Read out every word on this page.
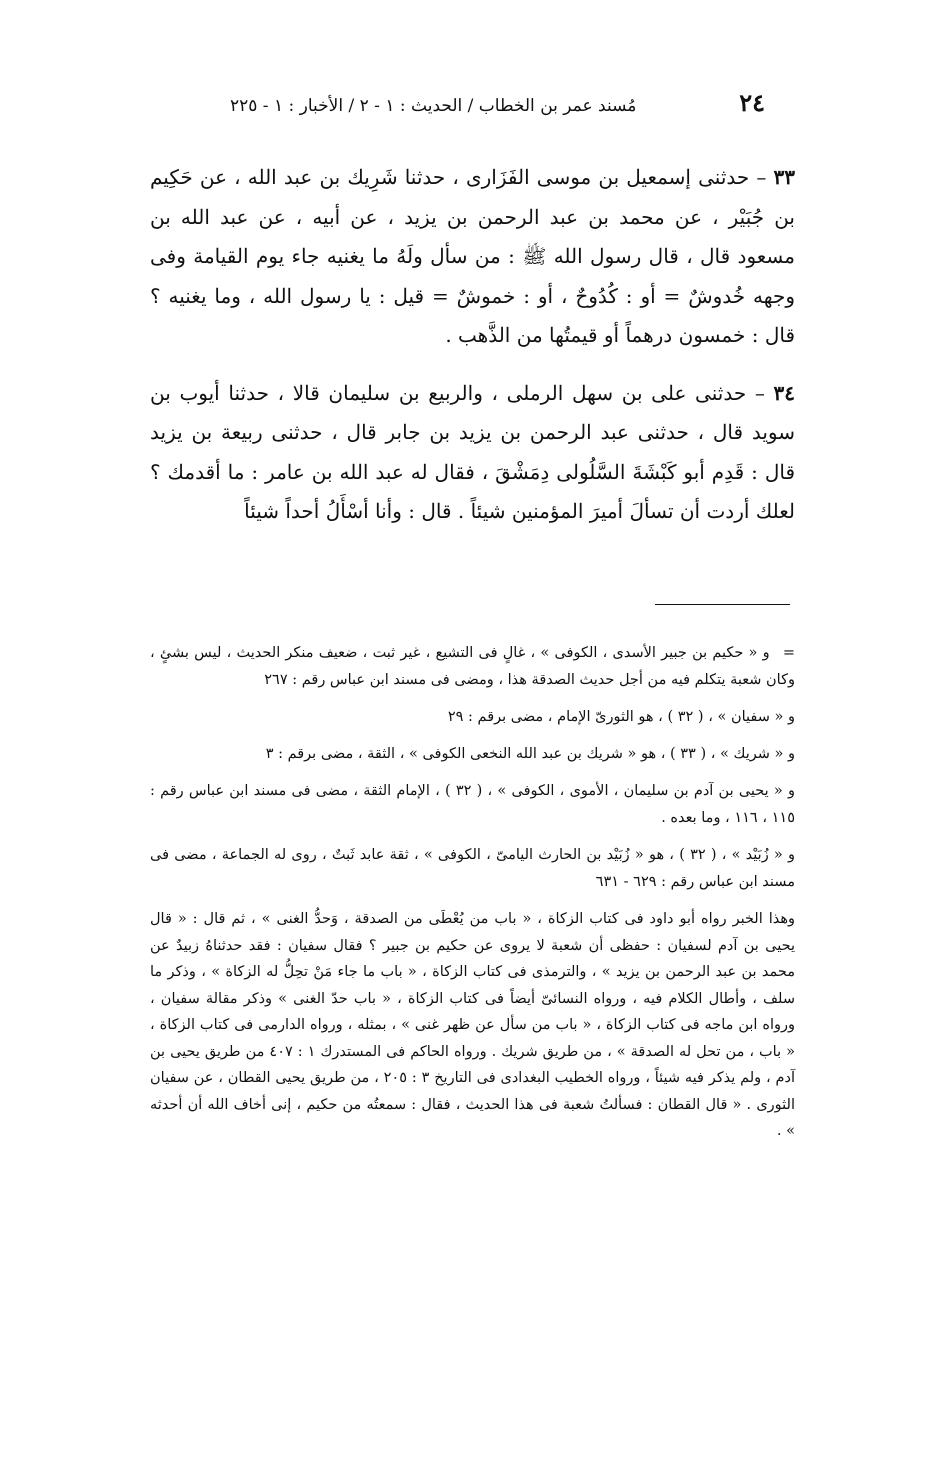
٢٤
مُسند عمر بن الخطاب / الحديث : ١ - ٢ / الأخبار : ١ - ٢٢٥

٣٣ – حدثنى إسمعيل بن موسى الفَزَارى ، حدثنا شَرِيك بن عبد الله ، عن حَكِيم بن جُبَيْر ، عن محمد بن عبد الرحمن بن يزيد ، عن أبيه ، عن عبد الله بن مسعود قال ، قال رسول الله ﷺ : من سأل ولَهُ ما يغنيه جاء يوم القيامة وفى وجهه خُدوشٌ = أو : كُدُوحٌ ، أو : خموشٌ = قيل : يا رسول الله ، وما يغنيه ؟ قال : خمسون درهماً أو قيمتُها من الذَّهب .

٣٤ – حدثنى على بن سهل الرملى ، والربيع بن سليمان قالا ، حدثنا أيوب بن سويد قال ، حدثنى عبد الرحمن بن يزيد بن جابر قال ، حدثنى ربيعة بن يزيد قال : قَدِم أبو كَبْشَةَ السَّلُولى دِمَشْقَ ، فقال له عبد الله بن عامر : ما أقدمك ؟ لعلك أردت أن تسألَ أميرَ المؤمنين شيئاً . قال : وأنا أسْأَلُ أحداً شيئاً

= و « حكيم بن جبير الأسدى ، الكوفى » ، غالٍ فى التشيع ، غير ثبت ، ضعيف منكر الحديث ، ليس بشئٍ ، وكان شعبة يتكلم فيه من أجل حديث الصدقة هذا ، ومضى فى مسند ابن عباس رقم : ٢٦٧

و « سفيان » ، ( ٣٢ ) ، هو الثورىّ الإمام ، مضى برقم : ٢٩

و « شريك » ، ( ٣٣ ) ، هو « شريك بن عبد الله النخعى الكوفى » ، الثقة ، مضى برقم : ٣

و « يحيى بن آدم بن سليمان ، الأموى ، الكوفى » ، ( ٣٢ ) ، الإمام الثقة ، مضى فى مسند ابن عباس رقم : ١١٥ ، ١١٦ ، وما بعده .

و « زُبَيْد » ، ( ٣٢ ) ، هو « زُبَيْد بن الحارث اليامىّ ، الكوفى » ، ثقة عابد ثَبتٌ ، روى له الجماعة ، مضى فى مسند ابن عباس رقم : ٦٢٩ - ٦٣١

وهذا الخبر رواه أبو داود فى كتاب الزكاة ، « باب من يُعْطَى من الصدقة ، وَحدُّ الغنى » ، ثم قال : « قال يحيى بن آدم لسفيان : حفظى أن شعبة لا يروى عن حكيم بن جبير ؟ فقال سفيان : فقد حدثناهُ زبيدٌ عن محمد بن عبد الرحمن بن يزيد » ، والترمذى فى كتاب الزكاة ، « باب ما جاء مَنْ تحِلُّ له الزكاة » ، وذكر ما سلف ، وأطال الكلام فيه ، ورواه النسائىّ أيضاً فى كتاب الزكاة ، « باب حدّ الغنى » وذكر مقالة سفيان ، ورواه ابن ماجه فى كتاب الزكاة ، « باب من سأل عن ظهر غنى » ، بمثله ، ورواه الدارمى فى كتاب الزكاة ، « باب ، من تحل له الصدقة » ، من طريق شريك . ورواه الحاكم فى المستدرك ١ : ٤٠٧ من طريق يحيى بن آدم ، ولم يذكر فيه شيئاً ، ورواه الخطيب البغدادى فى التاريخ ٣ : ٢٠٥ ، من طريق يحيى القطان ، عن سفيان الثورى . « قال القطان : فسألتُ شعبة فى هذا الحديث ، فقال : سمعتُه من حكيم ، إنى أخاف الله أن أحدثه » .
